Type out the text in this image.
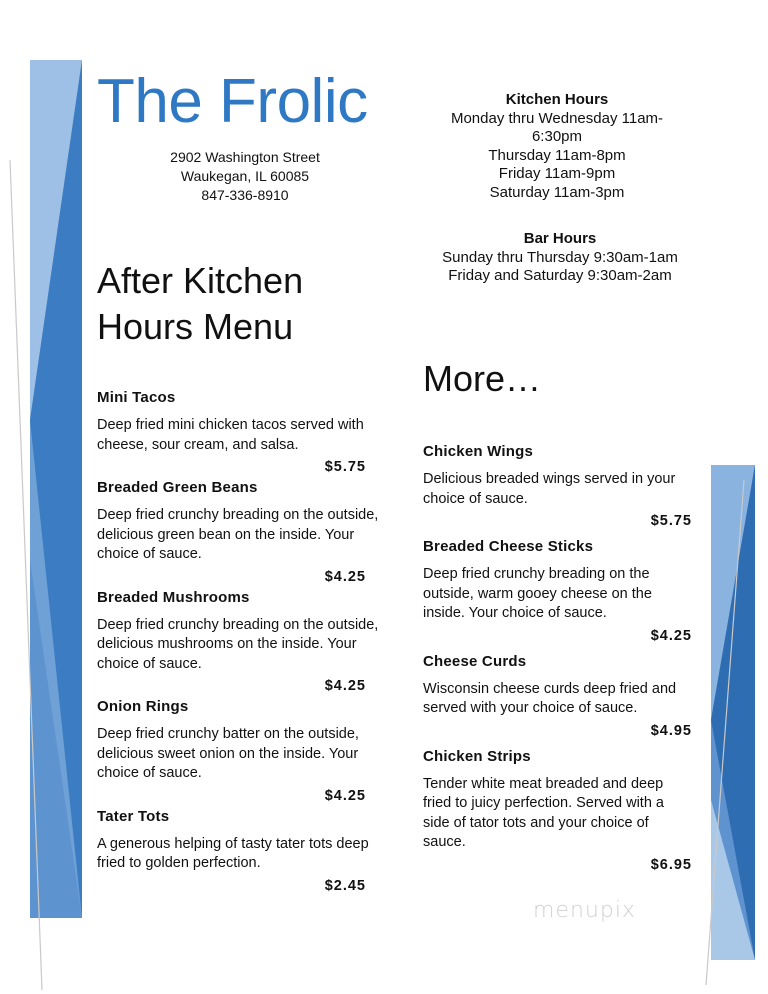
The Frolic
2902 Washington Street
Waukegan, IL 60085
847-336-8910
Kitchen Hours
Monday thru Wednesday 11am-
6:30pm
Thursday 11am-8pm
Friday 11am-9pm
Saturday 11am-3pm
Bar Hours
Sunday thru Thursday 9:30am-1am
Friday and Saturday 9:30am-2am
After Kitchen
Hours Menu
Mini Tacos
Deep fried mini chicken tacos served with cheese, sour cream, and salsa.
$5.75
Breaded Green Beans
Deep fried crunchy breading on the outside, delicious green bean on the inside. Your choice of sauce.
$4.25
Breaded Mushrooms
Deep fried crunchy breading on the outside, delicious mushrooms on the inside. Your choice of sauce.
$4.25
Onion Rings
Deep fried crunchy batter on the outside, delicious sweet onion on the inside. Your choice of sauce.
$4.25
Tater Tots
A generous helping of tasty tater tots deep fried to golden perfection.
$2.45
More…
Chicken Wings
Delicious breaded wings served in your choice of sauce.
$5.75
Breaded Cheese Sticks
Deep fried crunchy breading on the outside, warm gooey cheese on the inside. Your choice of sauce.
$4.25
Cheese Curds
Wisconsin cheese curds deep fried and served with your choice of sauce.
$4.95
Chicken Strips
Tender white meat breaded and deep fried to juicy perfection. Served with a side of tator tots and your choice of sauce.
$6.95
menupix
